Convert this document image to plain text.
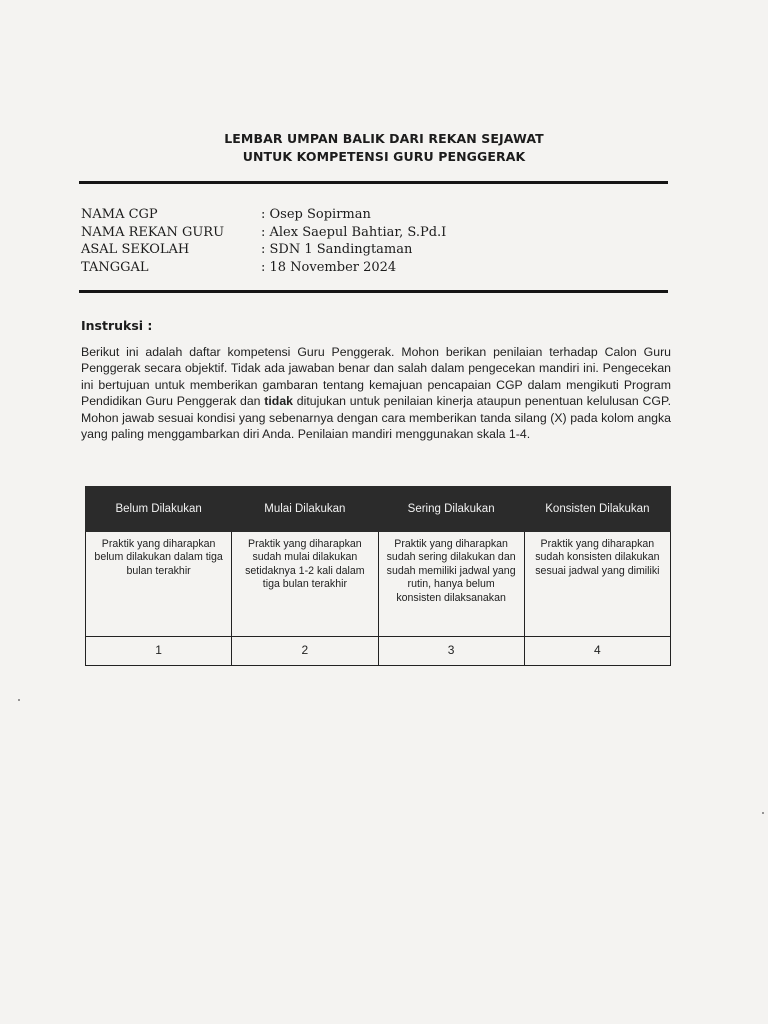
LEMBAR UMPAN BALIK DARI REKAN SEJAWAT
UNTUK KOMPETENSI GURU PENGGERAK
NAMA CGP	: Osep Sopirman
NAMA REKAN GURU	: Alex Saepul Bahtiar, S.Pd.I
ASAL SEKOLAH	: SDN 1 Sandingtaman
TANGGAL	: 18 November 2024
Instruksi :
Berikut ini adalah daftar kompetensi Guru Penggerak. Mohon berikan penilaian terhadap Calon Guru Penggerak secara objektif. Tidak ada jawaban benar dan salah dalam pengecekan mandiri ini. Pengecekan ini bertujuan untuk memberikan gambaran tentang kemajuan pencapaian CGP dalam mengikuti Program Pendidikan Guru Penggerak dan tidak ditujukan untuk penilaian kinerja ataupun penentuan kelulusan CGP. Mohon jawab sesuai kondisi yang sebenarnya dengan cara memberikan tanda silang (X) pada kolom angka yang paling menggambarkan diri Anda. Penilaian mandiri menggunakan skala 1-4.
Belum Dilakukan	Mulai Dilakukan	Sering Dilakukan	Konsisten Dilakukan
Praktik yang diharapkan belum dilakukan dalam tiga bulan terakhir	Praktik yang diharapkan sudah mulai dilakukan setidaknya 1-2 kali dalam tiga bulan terakhir	Praktik yang diharapkan sudah sering dilakukan dan sudah memiliki jadwal yang rutin, hanya belum konsisten dilaksanakan	Praktik yang diharapkan sudah konsisten dilakukan sesuai jadwal yang dimiliki
1	2	3	4
